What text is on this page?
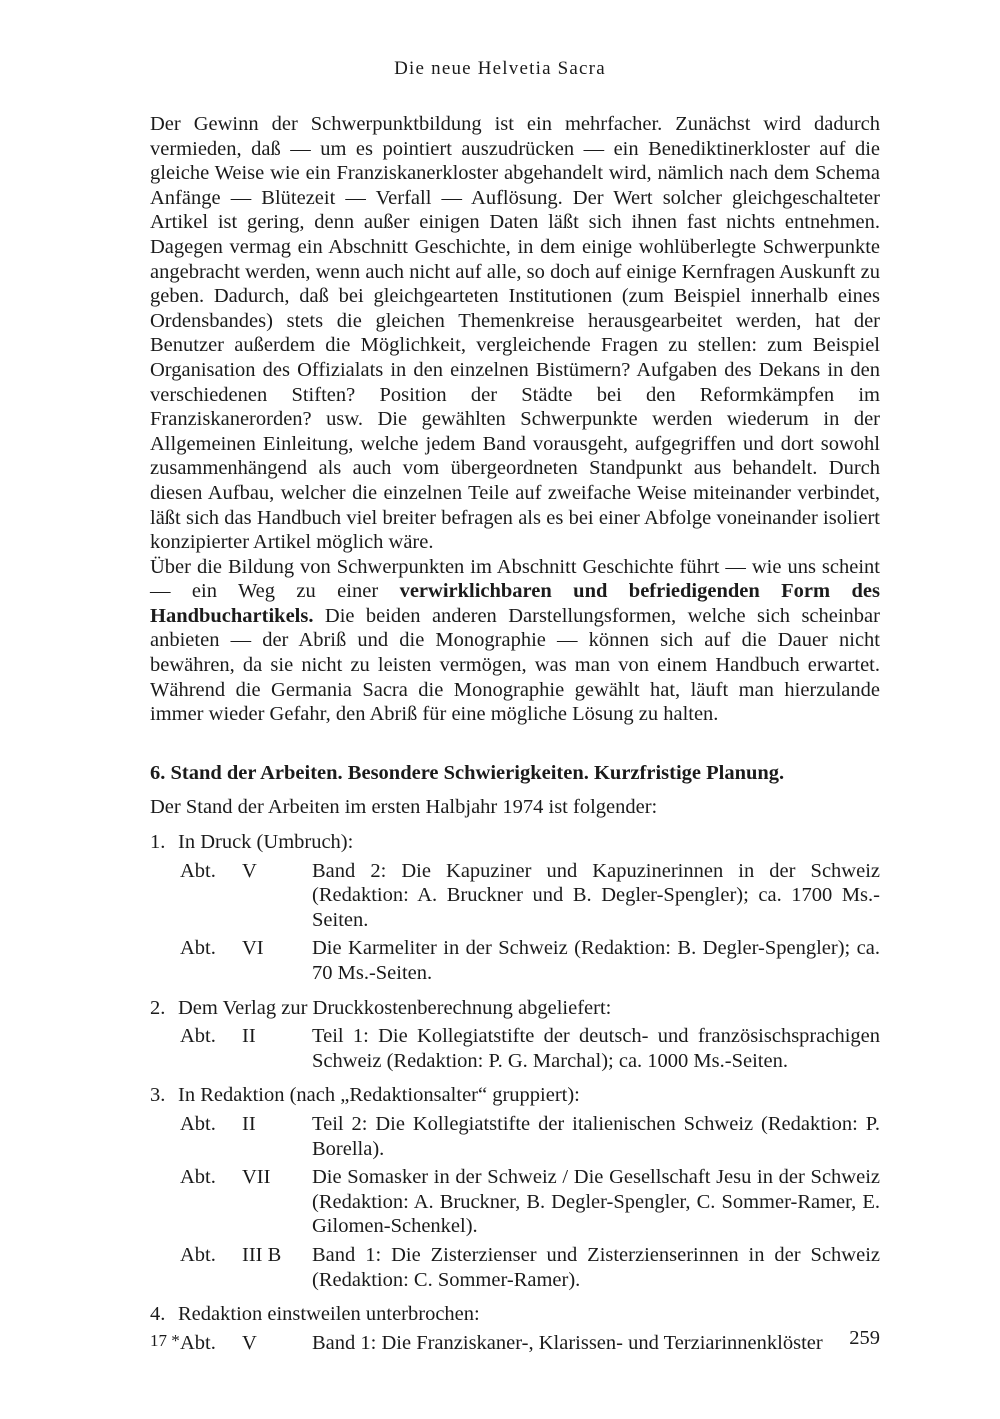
Die neue Helvetia Sacra

Der Gewinn der Schwerpunktbildung ist ein mehrfacher. Zunächst wird dadurch vermieden, daß — um es pointiert auszudrücken — ein Benediktinerkloster auf die gleiche Weise wie ein Franziskanerkloster abgehandelt wird, nämlich nach dem Schema Anfänge — Blütezeit — Verfall — Auflösung. Der Wert solcher gleichgeschalteter Artikel ist gering, denn außer einigen Daten läßt sich ihnen fast nichts entnehmen. Dagegen vermag ein Abschnitt Geschichte, in dem einige wohlüberlegte Schwerpunkte angebracht werden, wenn auch nicht auf alle, so doch auf einige Kernfragen Auskunft zu geben. Dadurch, daß bei gleichgearteten Institutionen (zum Beispiel innerhalb eines Ordensbandes) stets die gleichen Themenkreise herausgearbeitet werden, hat der Benutzer außerdem die Möglichkeit, vergleichende Fragen zu stellen: zum Beispiel Organisation des Offizialats in den einzelnen Bistümern? Aufgaben des Dekans in den verschiedenen Stiften? Position der Städte bei den Reformkämpfen im Franziskanerorden? usw. Die gewählten Schwerpunkte werden wiederum in der Allgemeinen Einleitung, welche jedem Band vorausgeht, aufgegriffen und dort sowohl zusammenhängend als auch vom übergeordneten Standpunkt aus behandelt. Durch diesen Aufbau, welcher die einzelnen Teile auf zweifache Weise miteinander verbindet, läßt sich das Handbuch viel breiter befragen als es bei einer Abfolge voneinander isoliert konzipierter Artikel möglich wäre.

Über die Bildung von Schwerpunkten im Abschnitt Geschichte führt — wie uns scheint — ein Weg zu einer verwirklichbaren und befriedigenden Form des Handbuchartikels. Die beiden anderen Darstellungsformen, welche sich scheinbar anbieten — der Abriß und die Monographie — können sich auf die Dauer nicht bewähren, da sie nicht zu leisten vermögen, was man von einem Handbuch erwartet. Während die Germania Sacra die Monographie gewählt hat, läuft man hierzulande immer wieder Gefahr, den Abriß für eine mögliche Lösung zu halten.

6. Stand der Arbeiten. Besondere Schwierigkeiten. Kurzfristige Planung.
Der Stand der Arbeiten im ersten Halbjahr 1974 ist folgender:
1. In Druck (Umbruch):
Abt.	V	Band 2: Die Kapuziner und Kapuzinerinnen in der Schweiz (Redaktion: A. Bruckner und B. Degler-Spengler); ca. 1700 Ms.-Seiten.
Abt.	VI	Die Karmeliter in der Schweiz (Redaktion: B. Degler-Spengler); ca. 70 Ms.-Seiten.
2. Dem Verlag zur Druckkostenberechnung abgeliefert:
Abt.	II	Teil 1: Die Kollegiatstifte der deutsch- und französischsprachigen Schweiz (Redaktion: P. G. Marchal); ca. 1000 Ms.-Seiten.
3. In Redaktion (nach „Redaktionsalter“ gruppiert):
Abt.	II	Teil 2: Die Kollegiatstifte der italienischen Schweiz (Redaktion: P. Borella).
Abt.	VII	Die Somasker in der Schweiz / Die Gesellschaft Jesu in der Schweiz (Redaktion: A. Bruckner, B. Degler-Spengler, C. Sommer-Ramer, E. Gilomen-Schenkel).
Abt.	III B	Band 1: Die Zisterzienser und Zisterzienserinnen in der Schweiz (Redaktion: C. Sommer-Ramer).
4. Redaktion einstweilen unterbrochen:
Abt.	V	Band 1: Die Franziskaner-, Klarissen- und Terziarinnenklöster
17 *	259
